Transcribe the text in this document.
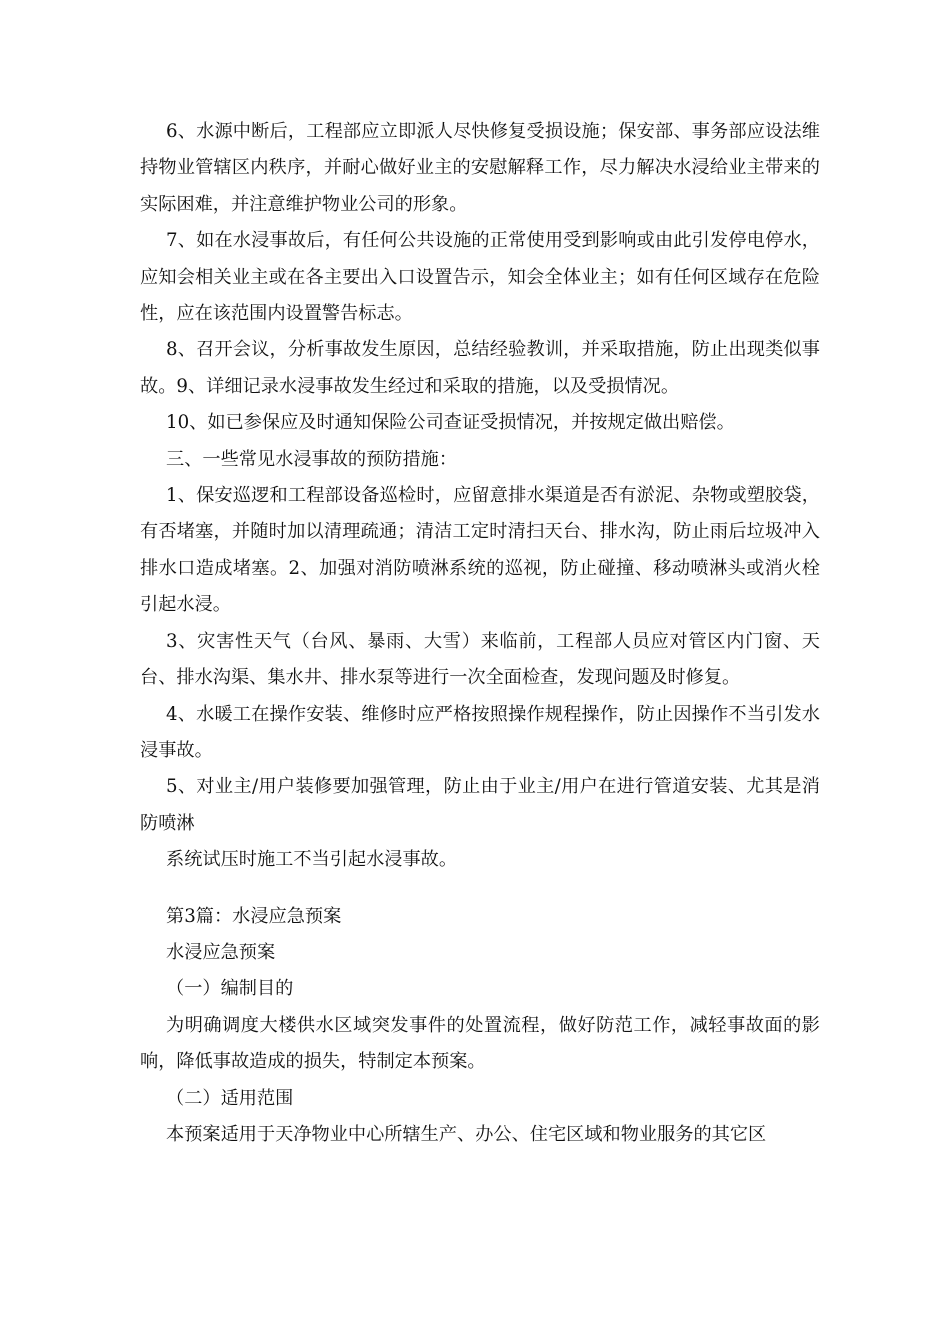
6、水源中断后，工程部应立即派人尽快修复受损设施；保安部、事务部应设法维持物业管辖区内秩序，并耐心做好业主的安慰解释工作，尽力解决水浸给业主带来的实际困难，并注意维护物业公司的形象。

7、如在水浸事故后，有任何公共设施的正常使用受到影响或由此引发停电停水，应知会相关业主或在各主要出入口设置告示，知会全体业主；如有任何区域存在危险性，应在该范围内设置警告标志。

8、召开会议，分析事故发生原因，总结经验教训，并采取措施，防止出现类似事故。9、详细记录水浸事故发生经过和采取的措施，以及受损情况。

10、如已参保应及时通知保险公司查证受损情况，并按规定做出赔偿。

三、一些常见水浸事故的预防措施：

1、保安巡逻和工程部设备巡检时，应留意排水渠道是否有淤泥、杂物或塑胶袋，有否堵塞，并随时加以清理疏通；清洁工定时清扫天台、排水沟，防止雨后垃圾冲入排水口造成堵塞。2、加强对消防喷淋系统的巡视，防止碰撞、移动喷淋头或消火栓引起水浸。

3、灾害性天气（台风、暴雨、大雪）来临前，工程部人员应对管区内门窗、天台、排水沟渠、集水井、排水泵等进行一次全面检查，发现问题及时修复。

4、水暖工在操作安装、维修时应严格按照操作规程操作，防止因操作不当引发水浸事故。

5、对业主/用户装修要加强管理，防止由于业主/用户在进行管道安装、尤其是消防喷淋

系统试压时施工不当引起水浸事故。

第3篇：水浸应急预案

水浸应急预案

（一）编制目的

为明确调度大楼供水区域突发事件的处置流程，做好防范工作，减轻事故面的影响，降低事故造成的损失，特制定本预案。

（二）适用范围

本预案适用于天净物业中心所辖生产、办公、住宅区域和物业服务的其它区
